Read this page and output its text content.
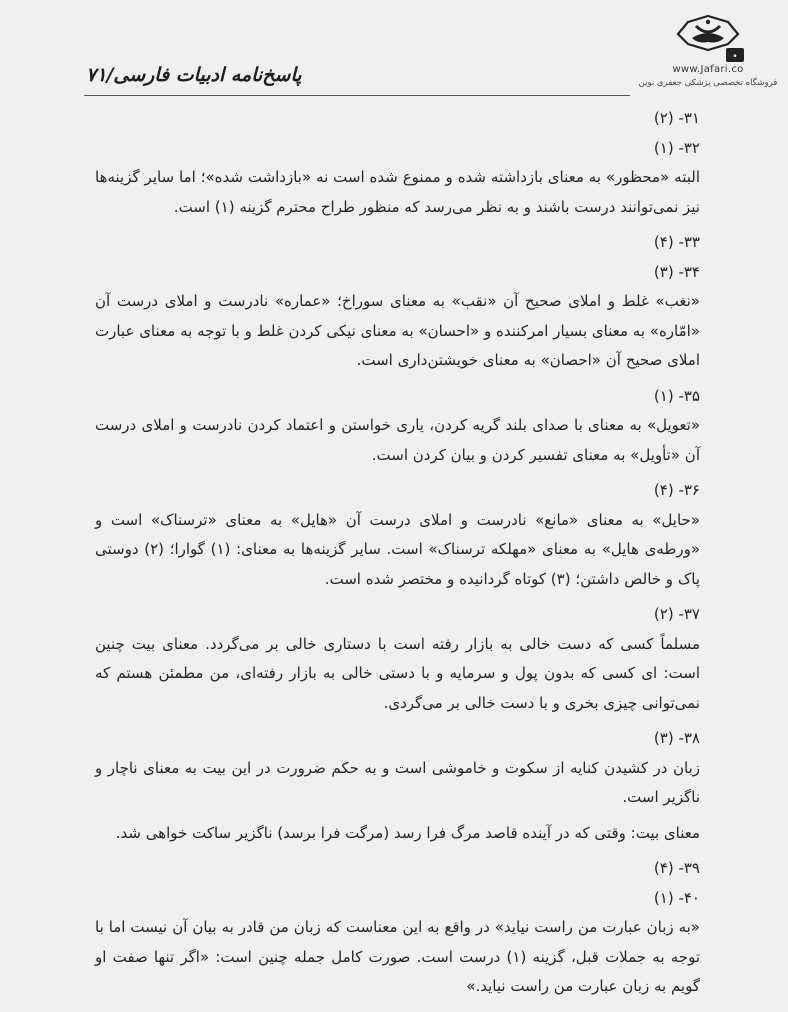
•
www.Jafari.co
فروشگاه تخصصی پزشکی جعفری نوین
پاسخ‌نامه ادبیات فارسی/۷۱

۳۱- (۲)

۳۲- (۱)

البته «محظور» به معنای بازداشته شده و ممنوع شده است نه «بازداشت شده»؛ اما سایر گزینه‌ها نیز نمی‌توانند درست باشند و به نظر می‌رسد که منظور طراح محترم گزینه (۱) است.

۳۳- (۴)

۳۴- (۳)

«نغب» غلط و املای صحیح آن «نقب» به معنای سوراخ؛ «عماره» نادرست و املای درست آن «امّاره» به معنای بسیار امرکننده و «احسان» به معنای نیکی کردن غلط و با توجه به معنای عبارت املای صحیح آن «احصان» به معنای خویشتن‌داری است.

۳۵- (۱)

«تعویل» به معنای با صدای بلند گریه کردن، یاری خواستن و اعتماد کردن نادرست و املای درست آن «تأویل» به معنای تفسیر کردن و بیان کردن است.

۳۶- (۴)

«حایل» به معنای «مانع» نادرست و املای درست آن «هایل» به معنای «ترسناک» است و «ورطه‌ی هایل» به معنای «مهلکه ترسناک» است. سایر گزینه‌ها به معنای: (۱) گوارا؛ (۲) دوستی پاک و خالص داشتن؛ (۳) کوتاه گردانیده و مختصر شده است.

۳۷- (۲)

مسلماً کسی که دست خالی به بازار رفته است با دستاری خالی بر می‌گردد. معنای بیت چنین است: ای کسی که بدون پول و سرمایه و با دستی خالی به بازار رفته‌ای، من مطمئن هستم که نمی‌توانی چیزی بخری و با دست خالی بر می‌گردی.

۳۸- (۳)

زبان در کشیدن کنایه از سکوت و خاموشی است و به حکم ضرورت در این بیت به معنای ناچار و ناگزیر است.

معنای بیت: وقتی که در آینده قاصد مرگ فرا رسد (مرگت فرا برسد) ناگزیر ساکت خواهی شد.

۳۹- (۴)

۴۰- (۱)

«به زبان عبارت من راست نیاید» در واقع به این معناست که زبان من قادر به بیان آن نیست اما با توجه به جملات قبل، گزینه (۱) درست است. صورت کامل جمله چنین است: «اگر تنها صفت او گویم به زبان عبارت من راست نیاید.»
